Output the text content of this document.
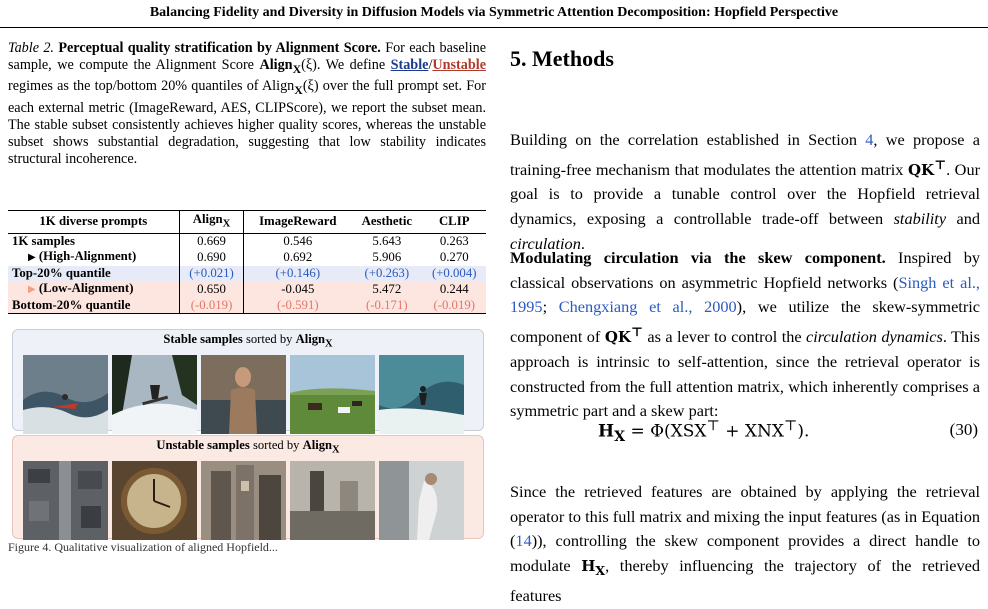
Balancing Fidelity and Diversity in Diffusion Models via Symmetric Attention Decomposition: Hopfield Perspective
Table 2. Perceptual quality stratification by Alignment Score. For each baseline sample, we compute the Alignment Score Align$_X$(ξ). We define Stable/Unstable regimes as the top/bottom 20% quantiles of Align$_X$(ξ) over the full prompt set. For each external metric (ImageReward, AES, CLIPScore), we report the subset mean. The stable subset consistently achieves higher quality scores, whereas the unstable subset shows substantial degradation, suggesting that low stability indicates structural incoherence.
1K diverse prompts	Align$_X$	ImageReward	Aesthetic	CLIP
1K samples	0.669	0.546	5.643	0.263
▶ (High-Alignment)	0.690	0.692	5.906	0.270
Top-20% quantile	(+0.021)	(+0.146)	(+0.263)	(+0.004)
▶ (Low-Alignment)	0.650	-0.045	5.472	0.244
Bottom-20% quantile	(-0.019)	(-0.591)	(-0.171)	(-0.019)
Stable samples sorted by Align$_X$
Unstable samples sorted by Align$_X$
Figure 4. Qualitative visualization of aligned Hopfield...
5. Methods

Building on the correlation established in Section 4, we propose a training-free mechanism that modulates the attention matrix QK⊤. Our goal is to provide a tunable control over the Hopfield retrieval dynamics, exposing a controllable trade-off between stability and circulation.

Modulating circulation via the skew component. Inspired by classical observations on asymmetric Hopfield networks (Singh et al., 1995; Chengxiang et al., 2000), we utilize the skew-symmetric component of QK⊤ as a lever to control the circulation dynamics. This approach is intrinsic to self-attention, since the retrieval operator is constructed from the full attention matrix, which inherently comprises a symmetric part and a skew part:

$H_X = \Phi(XSX^⊤ + XNX^⊤)$.	(30)

Since the retrieved features are obtained by applying the retrieval operator to this full matrix and mixing the input features (as in Equation (14)), controlling the skew component provides a direct handle to modulate $H_X$, thereby influencing the trajectory of the retrieved features
